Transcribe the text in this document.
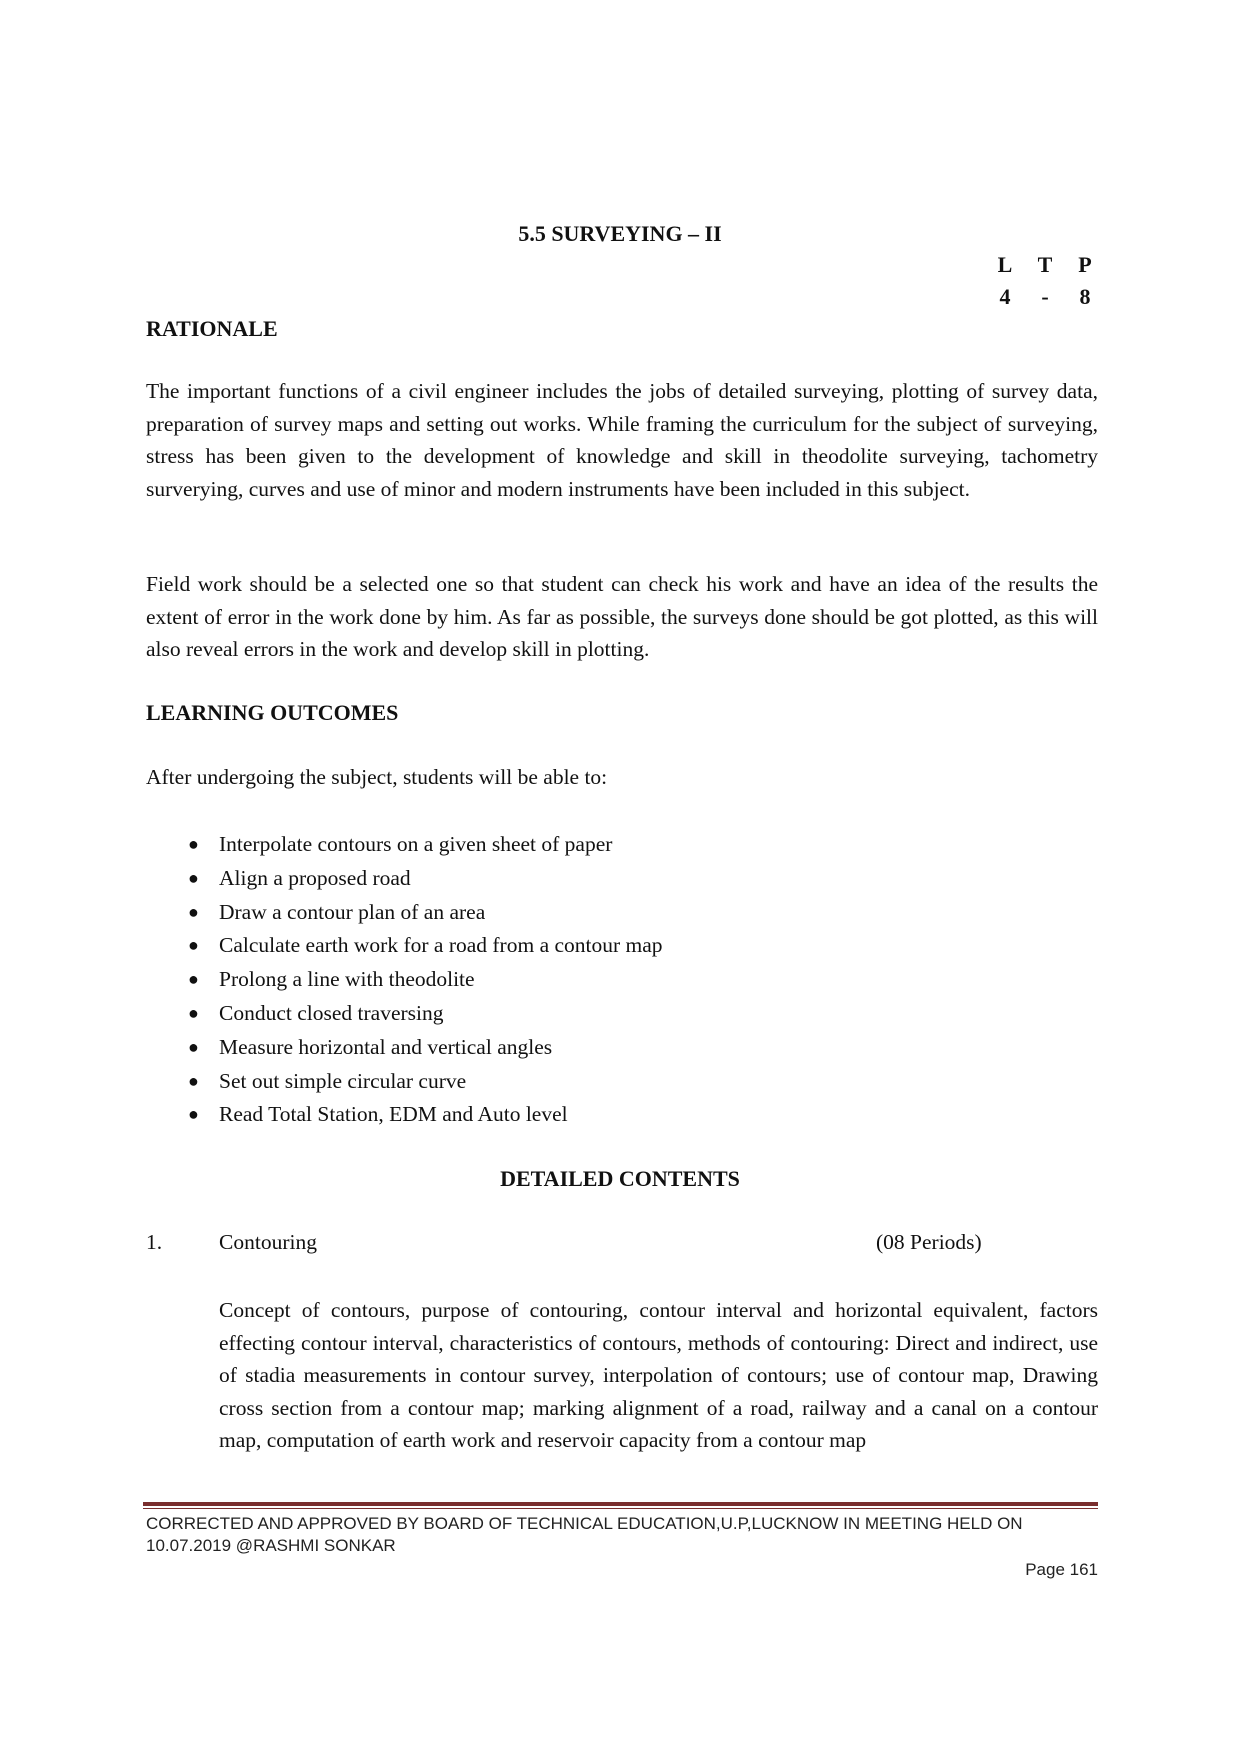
5.5 SURVEYING – II
L T P
4 - 8
RATIONALE

The important functions of a civil engineer includes the jobs of detailed surveying, plotting of survey data, preparation of survey maps and setting out works. While framing the curriculum for the subject of surveying, stress has been given to the development of knowledge and skill in theodolite surveying, tachometry surverying, curves and use of minor and modern instruments have been included in this subject.

Field work should be a selected one so that student can check his work and have an idea of the results the extent of error in the work done by him. As far as possible, the surveys done should be got plotted, as this will also reveal errors in the work and develop skill in plotting.

LEARNING OUTCOMES
After undergoing the subject, students will be able to:
● Interpolate contours on a given sheet of paper
● Align a proposed road
● Draw a contour plan of an area
● Calculate earth work for a road from a contour map
● Prolong a line with theodolite
● Conduct closed traversing
● Measure horizontal and vertical angles
● Set out simple circular curve
● Read Total Station, EDM and Auto level
DETAILED CONTENTS
1.	Contouring	(08 Periods)

Concept of contours, purpose of contouring, contour interval and horizontal equivalent, factors effecting contour interval, characteristics of contours, methods of contouring: Direct and indirect, use of stadia measurements in contour survey, interpolation of contours; use of contour map, Drawing cross section from a contour map; marking alignment of a road, railway and a canal on a contour map, computation of earth work and reservoir capacity from a contour map

CORRECTED AND APPROVED BY BOARD OF TECHNICAL EDUCATION,U.P,LUCKNOW IN MEETING HELD ON
10.07.2019 @RASHMI SONKAR
Page 161
